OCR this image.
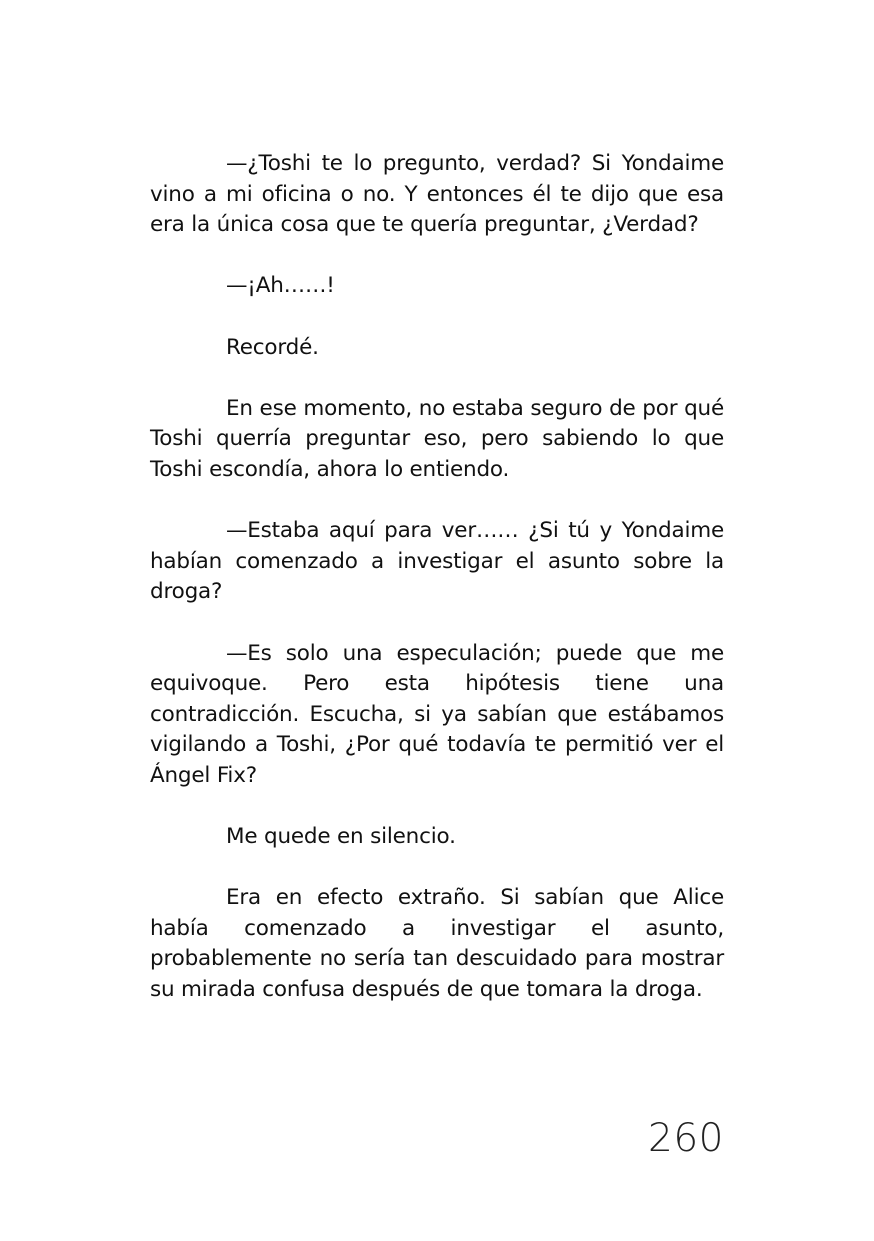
—¿Toshi te lo pregunto, verdad? Si Yondaime vino a mi oficina o no. Y entonces él te dijo que esa era la única cosa que te quería preguntar, ¿Verdad?

—¡Ah……!

Recordé.

En ese momento, no estaba seguro de por qué Toshi querría preguntar eso, pero sabiendo lo que Toshi escondía, ahora lo entiendo.

—Estaba aquí para ver…… ¿Si tú y Yondaime habían comenzado a investigar el asunto sobre la droga?

—Es solo una especulación; puede que me equivoque. Pero esta hipótesis tiene una contradicción. Escucha, si ya sabían que estábamos vigilando a Toshi, ¿Por qué todavía te permitió ver el Ángel Fix?

Me quede en silencio.

Era en efecto extraño. Si sabían que Alice había comenzado a investigar el asunto, probablemente no sería tan descuidado para mostrar su mirada confusa después de que tomara la droga.

260
